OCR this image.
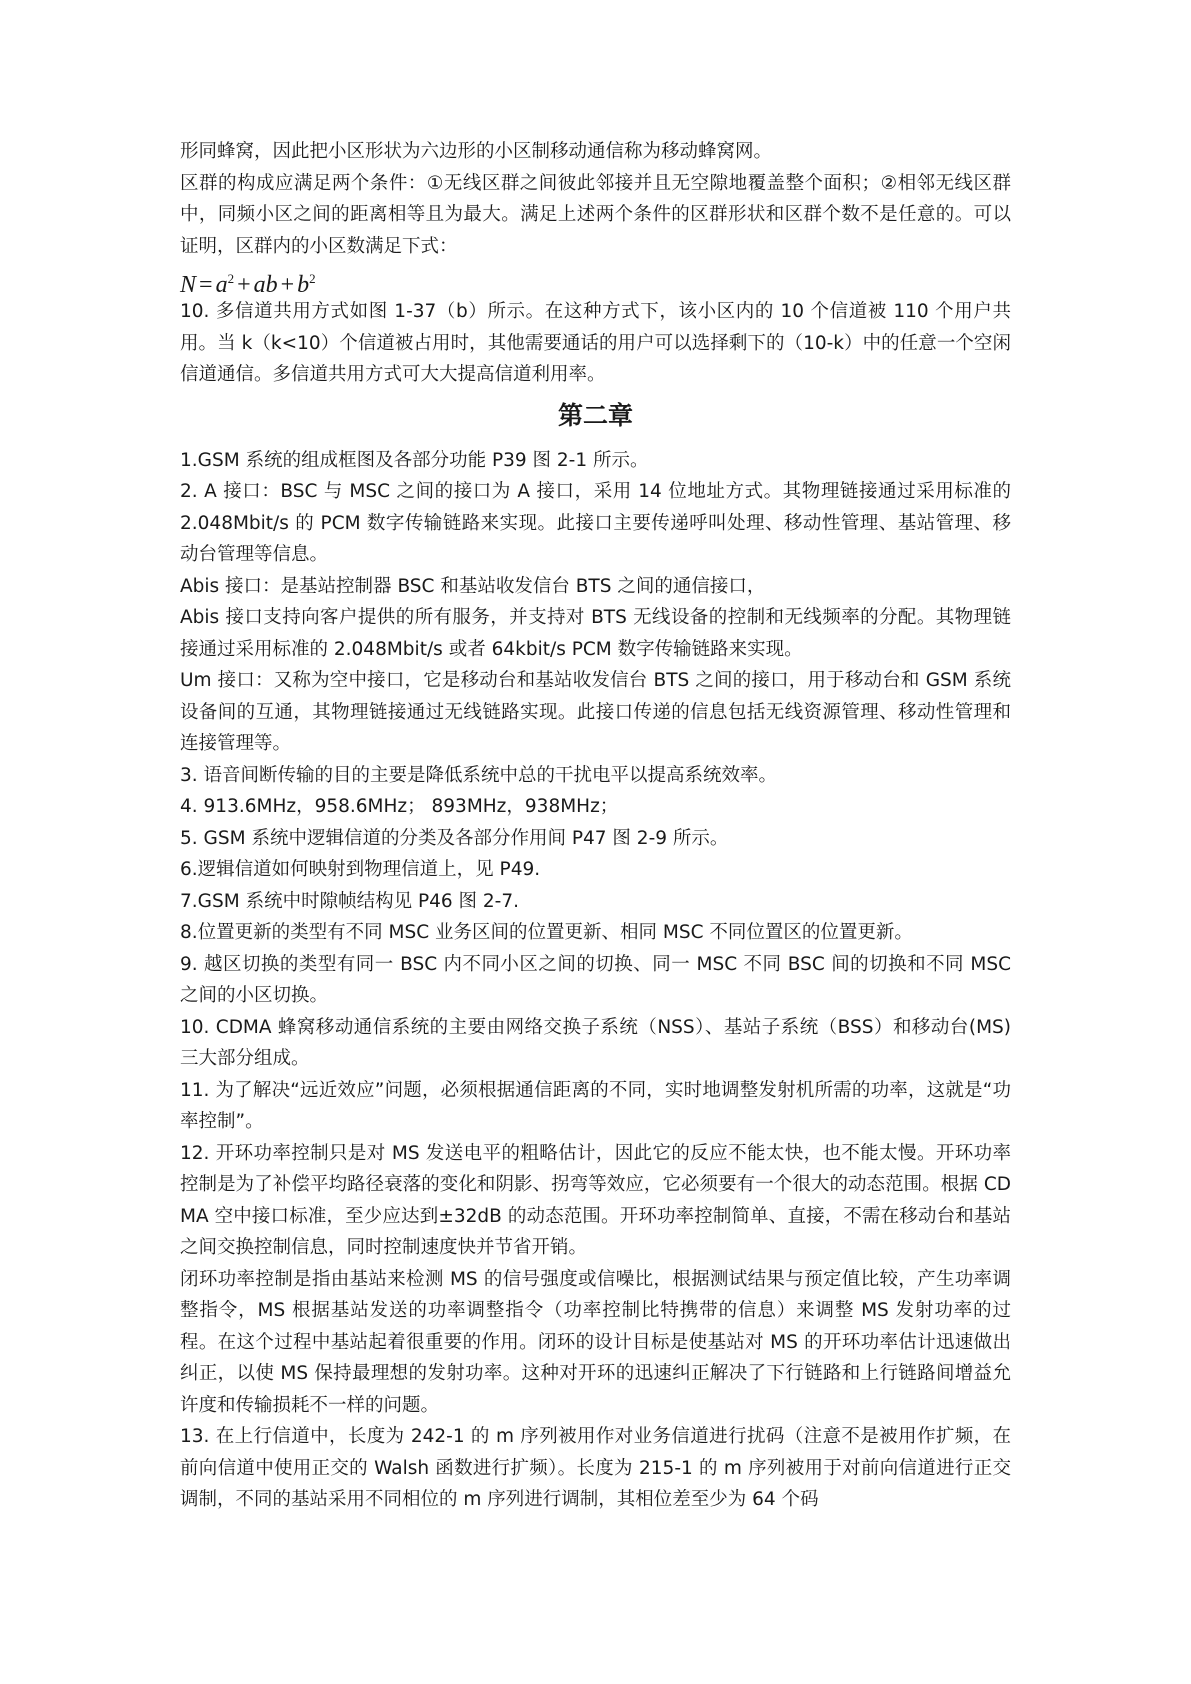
形同蜂窝，因此把小区形状为六边形的小区制移动通信称为移动蜂窝网。

区群的构成应满足两个条件：①无线区群之间彼此邻接并且无空隙地覆盖整个面积；②相邻无线区群中，同频小区之间的距离相等且为最大。满足上述两个条件的区群形状和区群个数不是任意的。可以证明，区群内的小区数满足下式：

$N = a^2$ + ab + $b^2$

10. 多信道共用方式如图 1-37（b）所示。在这种方式下，该小区内的 10 个信道被 110 个用户共用。当 k（k<10）个信道被占用时，其他需要通话的用户可以选择剩下的（10-k）中的任意一个空闲信道通信。多信道共用方式可大大提高信道利用率。

第二章

1.GSM 系统的组成框图及各部分功能 P39 图 2-1 所示。

2. A 接口：BSC 与 MSC 之间的接口为 A 接口，采用 14 位地址方式。其物理链接通过采用标准的 2.048Mbit/s 的 PCM 数字传输链路来实现。此接口主要传递呼叫处理、移动性管理、基站管理、移动台管理等信息。

Abis 接口：是基站控制器 BSC 和基站收发信台 BTS 之间的通信接口，

Abis 接口支持向客户提供的所有服务，并支持对 BTS 无线设备的控制和无线频率的分配。其物理链接通过采用标准的 2.048Mbit/s 或者 64kbit/s PCM 数字传输链路来实现。

Um 接口：又称为空中接口，它是移动台和基站收发信台 BTS 之间的接口，用于移动台和 GSM 系统设备间的互通，其物理链接通过无线链路实现。此接口传递的信息包括无线资源管理、移动性管理和连接管理等。

3. 语音间断传输的目的主要是降低系统中总的干扰电平以提高系统效率。

4. 913.6MHz，958.6MHz； 893MHz，938MHz；

5. GSM 系统中逻辑信道的分类及各部分作用间 P47 图 2-9 所示。

6.逻辑信道如何映射到物理信道上，见 P49.

7.GSM 系统中时隙帧结构见 P46 图 2-7.

8.位置更新的类型有不同 MSC 业务区间的位置更新、相同 MSC 不同位置区的位置更新。

9. 越区切换的类型有同一 BSC 内不同小区之间的切换、同一 MSC 不同 BSC 间的切换和不同 MSC 之间的小区切换。

10. CDMA 蜂窝移动通信系统的主要由网络交换子系统（NSS）、基站子系统（BSS）和移动台(MS)三大部分组成。

11. 为了解决“远近效应”问题，必须根据通信距离的不同，实时地调整发射机所需的功率，这就是“功率控制”。

12. 开环功率控制只是对 MS 发送电平的粗略估计，因此它的反应不能太快，也不能太慢。开环功率控制是为了补偿平均路径衰落的变化和阴影、拐弯等效应，它必须要有一个很大的动态范围。根据 CDMA 空中接口标准，至少应达到±32dB 的动态范围。开环功率控制简单、直接，不需在移动台和基站之间交换控制信息，同时控制速度快并节省开销。

闭环功率控制是指由基站来检测 MS 的信号强度或信噪比，根据测试结果与预定值比较，产生功率调整指令，MS 根据基站发送的功率调整指令（功率控制比特携带的信息）来调整 MS 发射功率的过程。在这个过程中基站起着很重要的作用。闭环的设计目标是使基站对 MS 的开环功率估计迅速做出纠正，以使 MS 保持最理想的发射功率。这种对开环的迅速纠正解决了下行链路和上行链路间增益允许度和传输损耗不一样的问题。

13. 在上行信道中，长度为 242-1 的 m 序列被用作对业务信道进行扰码（注意不是被用作扩频，在前向信道中使用正交的 Walsh 函数进行扩频）。长度为 215-1 的 m 序列被用于对前向信道进行正交调制，不同的基站采用不同相位的 m 序列进行调制，其相位差至少为 64 个码
